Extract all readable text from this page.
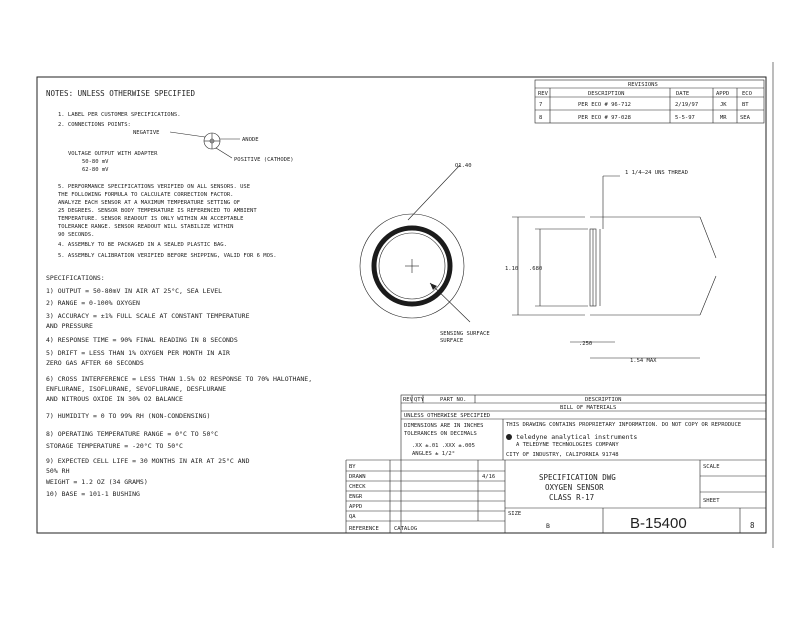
NOTES: UNLESS OTHERWISE SPECIFIED
1. LABEL PER CUSTOMER SPECIFICATIONS.
2. CONNECTIONS POINTS:
NEGATIVE
ANODE
POSITIVE (CATHODE)
VOLTAGE OUTPUT WITH ADAPTER
50-80 mV
62-80 mV
5. PERFORMANCE SPECIFICATIONS VERIFIED ON ALL SENSORS. USE
THE FOLLOWING FORMULA TO CALCULATE CORRECTION FACTOR.
ANALYZE EACH SENSOR AT A MAXIMUM TEMPERATURE SETTING OF
25 DEGREES. SENSOR BODY TEMPERATURE IS REFERENCED TO AMBIENT
TEMPERATURE. SENSOR READOUT IS ONLY WITHIN AN ACCEPTABLE
TOLERANCE RANGE. SENSOR READOUT WILL STABILIZE WITHIN
90 SECONDS.
4. ASSEMBLY TO BE PACKAGED IN A SEALED PLASTIC BAG.
5. ASSEMBLY CALIBRATION VERIFIED BEFORE SHIPPING, VALID FOR 6 MOS.
SPECIFICATIONS:
1) OUTPUT = 50-80mV IN AIR AT 25°C, SEA LEVEL
2) RANGE = 0-100% OXYGEN
3) ACCURACY = ±1% FULL SCALE AT CONSTANT TEMPERATURE
AND PRESSURE
4) RESPONSE TIME = 90% FINAL READING IN 8 SECONDS
5) DRIFT = LESS THAN 1% OXYGEN PER MONTH IN AIR
ZERO GAS AFTER 60 SECONDS
6) CROSS INTERFERENCE = LESS THAN 1.5% O2 RESPONSE TO 70% HALOTHANE,
ENFLURANE, ISOFLURANE, SEVOFLURANE, DESFLURANE
AND NITROUS OXIDE IN 30% O2 BALANCE
7) HUMIDITY = 0 TO 99% RH (NON-CONDENSING)
8) OPERATING TEMPERATURE RANGE = 0°C TO 50°C
STORAGE TEMPERATURE = -20°C TO 50°C
9) EXPECTED CELL LIFE = 30 MONTHS IN AIR AT 25°C AND
50% RH
WEIGHT = 1.2 OZ (34 GRAMS)
10) BASE = 101-1 BUSHING
REVISIONS
REV	DESCRIPTION	DATE	APPD ECO
7	PER ECO # 96-712	2/19/97	JK	BT
8	PER ECO # 97-028	5-5-97	MR SEA
O1.40
SENSING SURFACE
SURFACE
1 1/4–24 UNS THREAD
1.10 .680
.250
1.54 MAX
REV QTY	PART NO.	DESCRIPTION
BILL OF MATERIALS
UNLESS OTHERWISE SPECIFIED
DIMENSIONS ARE IN INCHES
TOLERANCES ON DECIMALS
.XX ±.01 .XXX ±.005
ANGLES ± 1/2°
THIS DRAWING CONTAINS PROPRIETARY INFORMATION. DO NOT COPY OR REPRODUCE
teledyne analytical instruments
A TELEDYNE TECHNOLOGIES COMPANY
CITY OF INDUSTRY, CALIFORNIA 91748
BY
DRAWN	4/16
CHECK
ENGR
APPD
QA
REFERENCE	CATALOG
SPECIFICATION DWG
OXYGEN SENSOR
CLASS R-17
SCALE
SHEET
SIZE
B	B-15400	8
